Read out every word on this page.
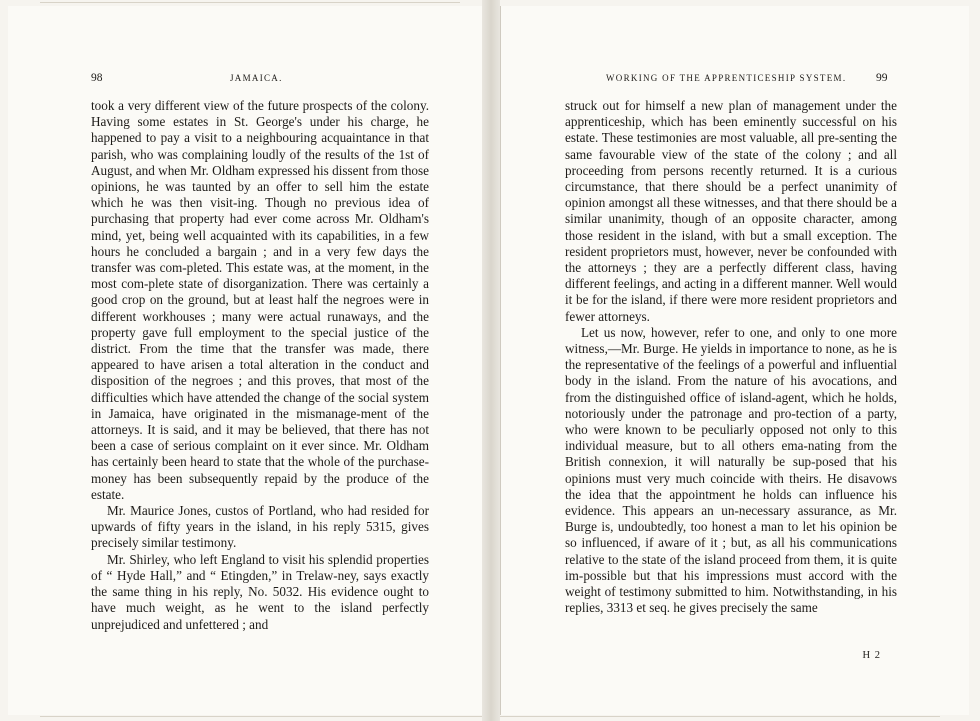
98	JAMAICA.

took a very different view of the future prospects of the colony. Having some estates in St. George's under his charge, he happened to pay a visit to a neighbouring acquaintance in that parish, who was complaining loudly of the results of the 1st of August, and when Mr. Oldham expressed his dissent from those opinions, he was taunted by an offer to sell him the estate which he was then visit-ing. Though no previous idea of purchasing that property had ever come across Mr. Oldham's mind, yet, being well acquainted with its capabilities, in a few hours he concluded a bargain ; and in a very few days the transfer was com-pleted. This estate was, at the moment, in the most com-plete state of disorganization. There was certainly a good crop on the ground, but at least half the negroes were in different workhouses ; many were actual runaways, and the property gave full employment to the special justice of the district. From the time that the transfer was made, there appeared to have arisen a total alteration in the conduct and disposition of the negroes ; and this proves, that most of the difficulties which have attended the change of the social system in Jamaica, have originated in the mismanage-ment of the attorneys. It is said, and it may be believed, that there has not been a case of serious complaint on it ever since. Mr. Oldham has certainly been heard to state that the whole of the purchase-money has been subsequently repaid by the produce of the estate.

Mr. Maurice Jones, custos of Portland, who had resided for upwards of fifty years in the island, in his reply 5315, gives precisely similar testimony.

Mr. Shirley, who left England to visit his splendid properties of “ Hyde Hall,” and “ Etingden,” in Trelaw-ney, says exactly the same thing in his reply, No. 5032. His evidence ought to have much weight, as he went to the island perfectly unprejudiced and unfettered ; and

WORKING OF THE APPRENTICESHIP SYSTEM.	99

struck out for himself a new plan of management under the apprenticeship, which has been eminently successful on his estate. These testimonies are most valuable, all pre-senting the same favourable view of the state of the colony ; and all proceeding from persons recently returned. It is a curious circumstance, that there should be a perfect unanimity of opinion amongst all these witnesses, and that there should be a similar unanimity, though of an opposite character, among those resident in the island, with but a small exception. The resident proprietors must, however, never be confounded with the attorneys ; they are a perfectly different class, having different feelings, and acting in a different manner. Well would it be for the island, if there were more resident proprietors and fewer attorneys.

Let us now, however, refer to one, and only to one more witness,—Mr. Burge. He yields in importance to none, as he is the representative of the feelings of a powerful and influential body in the island. From the nature of his avocations, and from the distinguished office of island-agent, which he holds, notoriously under the patronage and pro-tection of a party, who were known to be peculiarly opposed not only to this individual measure, but to all others ema-nating from the British connexion, it will naturally be sup-posed that his opinions must very much coincide with theirs. He disavows the idea that the appointment he holds can influence his evidence. This appears an un-necessary assurance, as Mr. Burge is, undoubtedly, too honest a man to let his opinion be so influenced, if aware of it ; but, as all his communications relative to the state of the island proceed from them, it is quite im-possible but that his impressions must accord with the weight of testimony submitted to him. Notwithstanding, in his replies, 3313 et seq. he gives precisely the same

H 2
